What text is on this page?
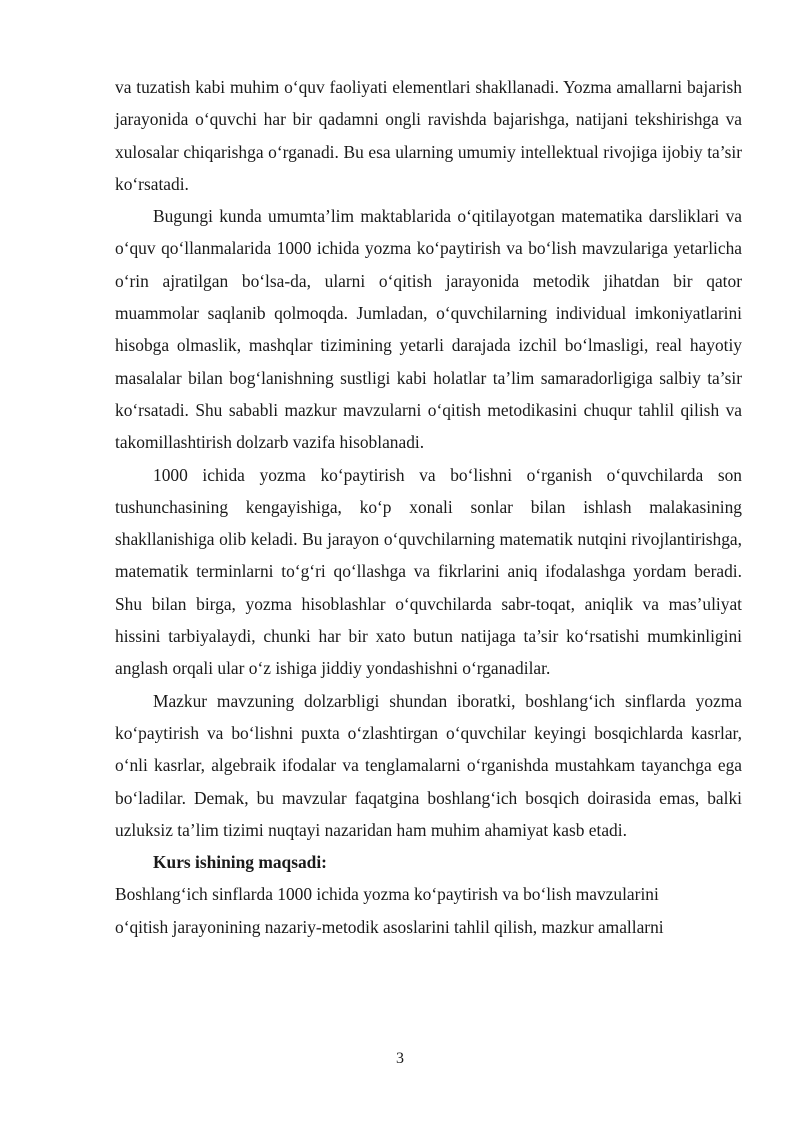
va tuzatish kabi muhim o‘quv faoliyati elementlari shakllanadi. Yozma amallarni bajarish jarayonida o‘quvchi har bir qadamni ongli ravishda bajarishga, natijani tekshirishga va xulosalar chiqarishga o‘rganadi. Bu esa ularning umumiy intellektual rivojiga ijobiy ta’sir ko‘rsatadi.

Bugungi kunda umumta’lim maktablarida o‘qitilayotgan matematika darsliklari va o‘quv qo‘llanmalarida 1000 ichida yozma ko‘paytirish va bo‘lish mavzulariga yetarlicha o‘rin ajratilgan bo‘lsa-da, ularni o‘qitish jarayonida metodik jihatdan bir qator muammolar saqlanib qolmoqda. Jumladan, o‘quvchilarning individual imkoniyatlarini hisobga olmaslik, mashqlar tizimining yetarli darajada izchil bo‘lmasligi, real hayotiy masalalar bilan bog‘lanishning sustligi kabi holatlar ta’lim samaradorligiga salbiy ta’sir ko‘rsatadi. Shu sababli mazkur mavzularni o‘qitish metodikasini chuqur tahlil qilish va takomillashtirish dolzarb vazifa hisoblanadi.

1000 ichida yozma ko‘paytirish va bo‘lishni o‘rganish o‘quvchilarda son tushunchasining kengayishiga, ko‘p xonali sonlar bilan ishlash malakasining shakllanishiga olib keladi. Bu jarayon o‘quvchilarning matematik nutqini rivojlantirishga, matematik terminlarni to‘g‘ri qo‘llashga va fikrlarini aniq ifodalashga yordam beradi. Shu bilan birga, yozma hisoblashlar o‘quvchilarda sabr-toqat, aniqlik va mas’uliyat hissini tarbiyalaydi, chunki har bir xato butun natijaga ta’sir ko‘rsatishi mumkinligini anglash orqali ular o‘z ishiga jiddiy yondashishni o‘rganadilar.

Mazkur mavzuning dolzarbligi shundan iboratki, boshlang‘ich sinflarda yozma ko‘paytirish va bo‘lishni puxta o‘zlashtirgan o‘quvchilar keyingi bosqichlarda kasrlar, o‘nli kasrlar, algebraik ifodalar va tenglamalarni o‘rganishda mustahkam tayanchga ega bo‘ladilar. Demak, bu mavzular faqatgina boshlang‘ich bosqich doirasida emas, balki uzluksiz ta’lim tizimi nuqtayi nazaridan ham muhim ahamiyat kasb etadi.

Kurs ishining maqsadi:

Boshlang‘ich sinflarda 1000 ichida yozma ko‘paytirish va bo‘lish mavzularini

o‘qitish jarayonining nazariy-metodik asoslarini tahlil qilish, mazkur amallarni

3
